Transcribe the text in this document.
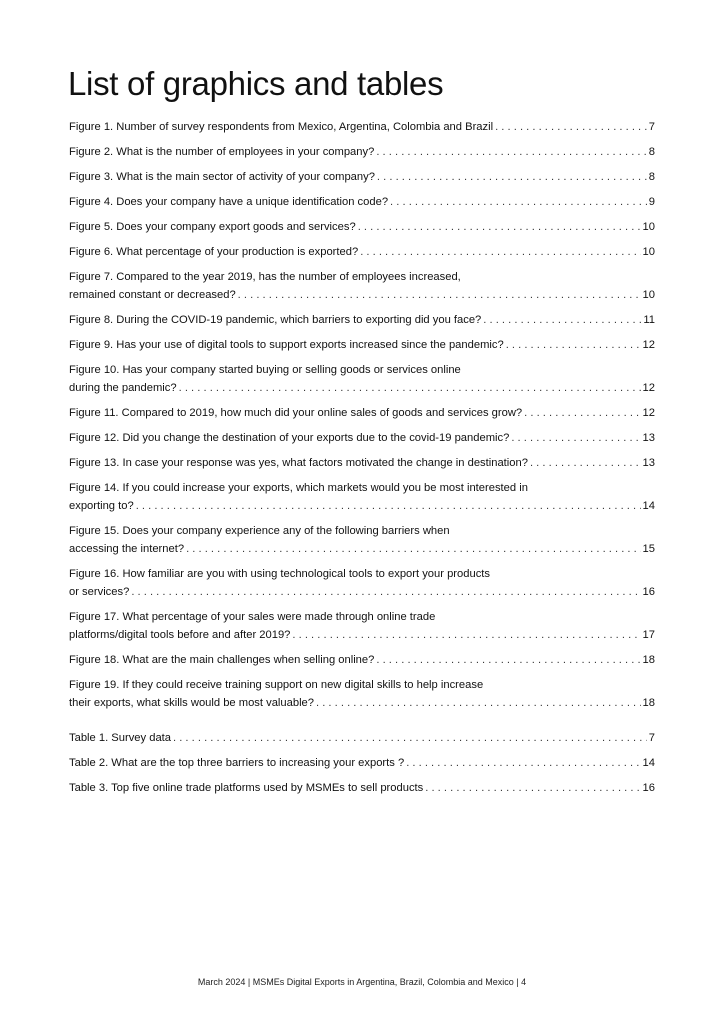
List of graphics and tables
Figure 1. Number of survey respondents from Mexico, Argentina, Colombia and Brazil . . .	7
Figure 2. What is the number of employees in your company? . . .	8
Figure 3. What is the main sector of activity of your company? . . .	8
Figure 4. Does your company have a unique identification code? . . .	9
Figure 5. Does your company export goods and services? . . .	10
Figure 6. What percentage of your production is exported? . . .	10
Figure 7. Compared to the year 2019, has the number of employees increased,
remained constant or decreased? . . .	10
Figure 8. During the COVID-19 pandemic, which barriers to exporting did you face? . . .	11
Figure 9. Has your use of digital tools to support exports increased since the pandemic? . . .	12
Figure 10. Has your company started buying or selling goods or services online
during the pandemic? . . .	12
Figure 11. Compared to 2019, how much did your online sales of goods and services grow? . . .	12
Figure 12. Did you change the destination of your exports due to the covid-19 pandemic? . . .	13
Figure 13. In case your response was yes, what factors motivated the change in destination? . . .	13
Figure 14. If you could increase your exports, which markets would you be most interested in
exporting to? . . .	14
Figure 15. Does your company experience any of the following barriers when
accessing the internet? . . .	15
Figure 16. How familiar are you with using technological tools to export your products
or services? . . .	16
Figure 17. What percentage of your sales were made through online trade
platforms/digital tools before and after 2019? . . .	17
Figure 18. What are the main challenges when selling online? . . .	18
Figure 19. If they could receive training support on new digital skills to help increase
their exports, what skills would be most valuable? . . .	18
Table 1. Survey data . . .	7
Table 2. What are the top three barriers to increasing your exports ? . . .	14
Table 3. Top five online trade platforms used by MSMEs to sell products . . .	16
March 2024 | MSMEs Digital Exports in Argentina, Brazil, Colombia and Mexico | 4
